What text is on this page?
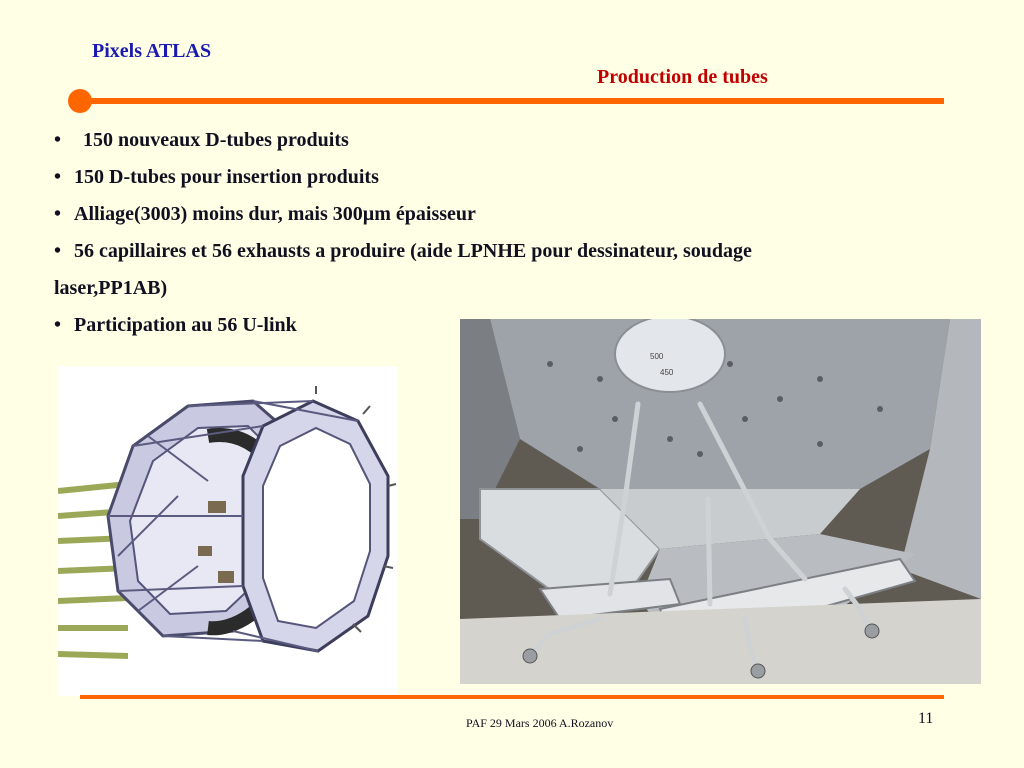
Pixels ATLAS
Production de tubes
• 150 nouveaux D-tubes produits
• 150 D-tubes pour insertion produits
• Alliage(3003) moins dur, mais 300µm épaisseur
• 56 capillaires et 56 exhausts a produire (aide LPNHE pour dessinateur, soudage
laser,PP1AB)
• Participation au 56 U-link
500
450
PAF 29 Mars 2006 A.Rozanov	11
